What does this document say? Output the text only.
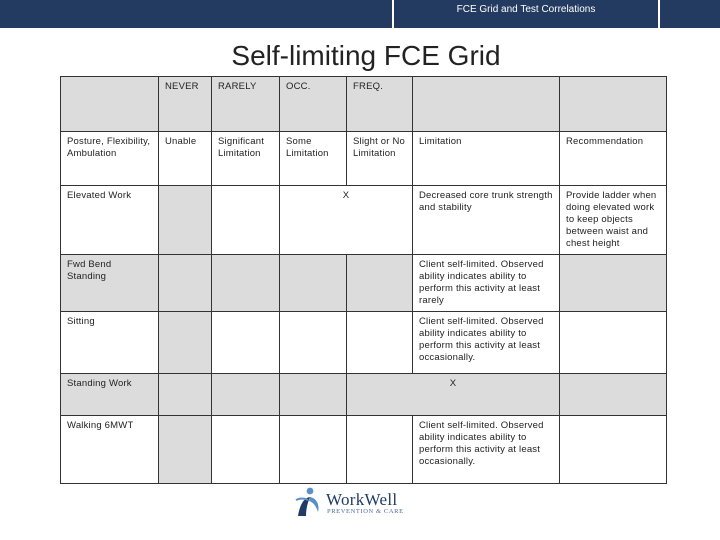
FCE Grid and Test Correlations
Self-limiting FCE Grid
	NEVER	RARELY	OCC.	FREQ.		
Posture, Flexibility, Ambulation	Unable	Significant Limitation	Some Limitation	Slight or No Limitation	Limitation	Recommendation
Elevated Work			X		Decreased core trunk strength and stability	Provide ladder when doing elevated work to keep objects between waist and chest height
Fwd Bend Standing					Client self-limited. Observed ability indicates ability to perform this activity at least rarely	
Sitting					Client self-limited. Observed ability indicates ability to perform this activity at least occasionally.	
Standing Work				X		
Walking 6MWT					Client self-limited. Observed ability indicates ability to perform this activity at least occasionally.	
WorkWell
PREVENTION & CARE
